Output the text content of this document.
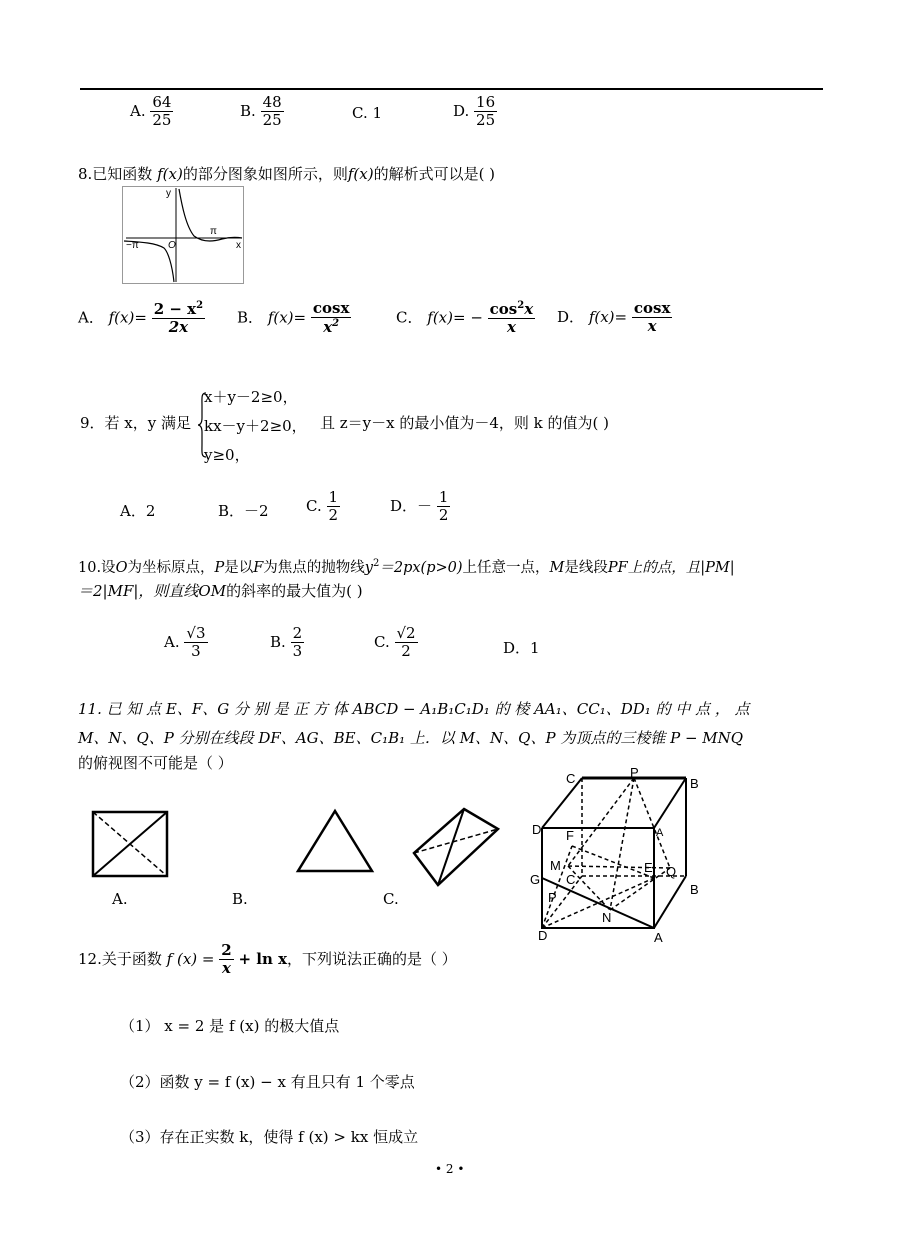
A. $\frac{64}{25}$	B. $\frac{48}{25}$	C. 1	D. $\frac{16}{25}$
8.已知函数 f(x)的部分图象如图所示，则f(x)的解析式可以是( )
y
x
−π	O
π
A． $f(x)= \frac{2 - x^2}{2x}$ B． $f(x)= \frac{\cos x}{x^2}$	C． $f(x)= - \frac{\cos^2x}{x}$ D． $f(x)= \frac{\cos x}{x}$
9．若 x，y 满足
x＋y－2≥0，
kx－y＋2≥0，
y≥0，
且 z＝y－x 的最小值为－4，则 k 的值为( )
A．2	B．－2 C. $\frac{1}{2}$	D．－ $\frac{1}{2}$
10.设O为坐标原点，P是以F为焦点的抛物线$y^2=2px(p>0)$上任意一点，M是线段PF上的点，且|PM|
＝2|MF|，则直线OM的斜率的最大值为( )
A. $\frac{√3}{3}$	B. $\frac{2}{3}$	C. $\frac{√2}{2}$	D．1
11. 已 知 点 E、F、G 分 别 是 正 方 体 ABCD − A₁B₁C₁D₁ 的 棱 AA₁、CC₁、DD₁ 的 中 点 ， 点
M、N、Q、P 分别在线段 DF、AG、BE、C₁B₁ 上．以 M、N、Q、P 为顶点的三棱锥 P − MNQ
的俯视图不可能是（ ）
A.	B.	C.
C	P
B
D F	A
M
C
E Q
G
B
P
N
D	A
12.关于函数 f $(x) = \frac{2}{x} + \ln x$，下列说法正确的是（ ）
（1） x = 2 是 f (x) 的极大值点
（2）函数 y = f (x) − x 有且只有 1 个零点
（3）存在正实数 k，使得 f (x) > kx 恒成立
• 2 •
